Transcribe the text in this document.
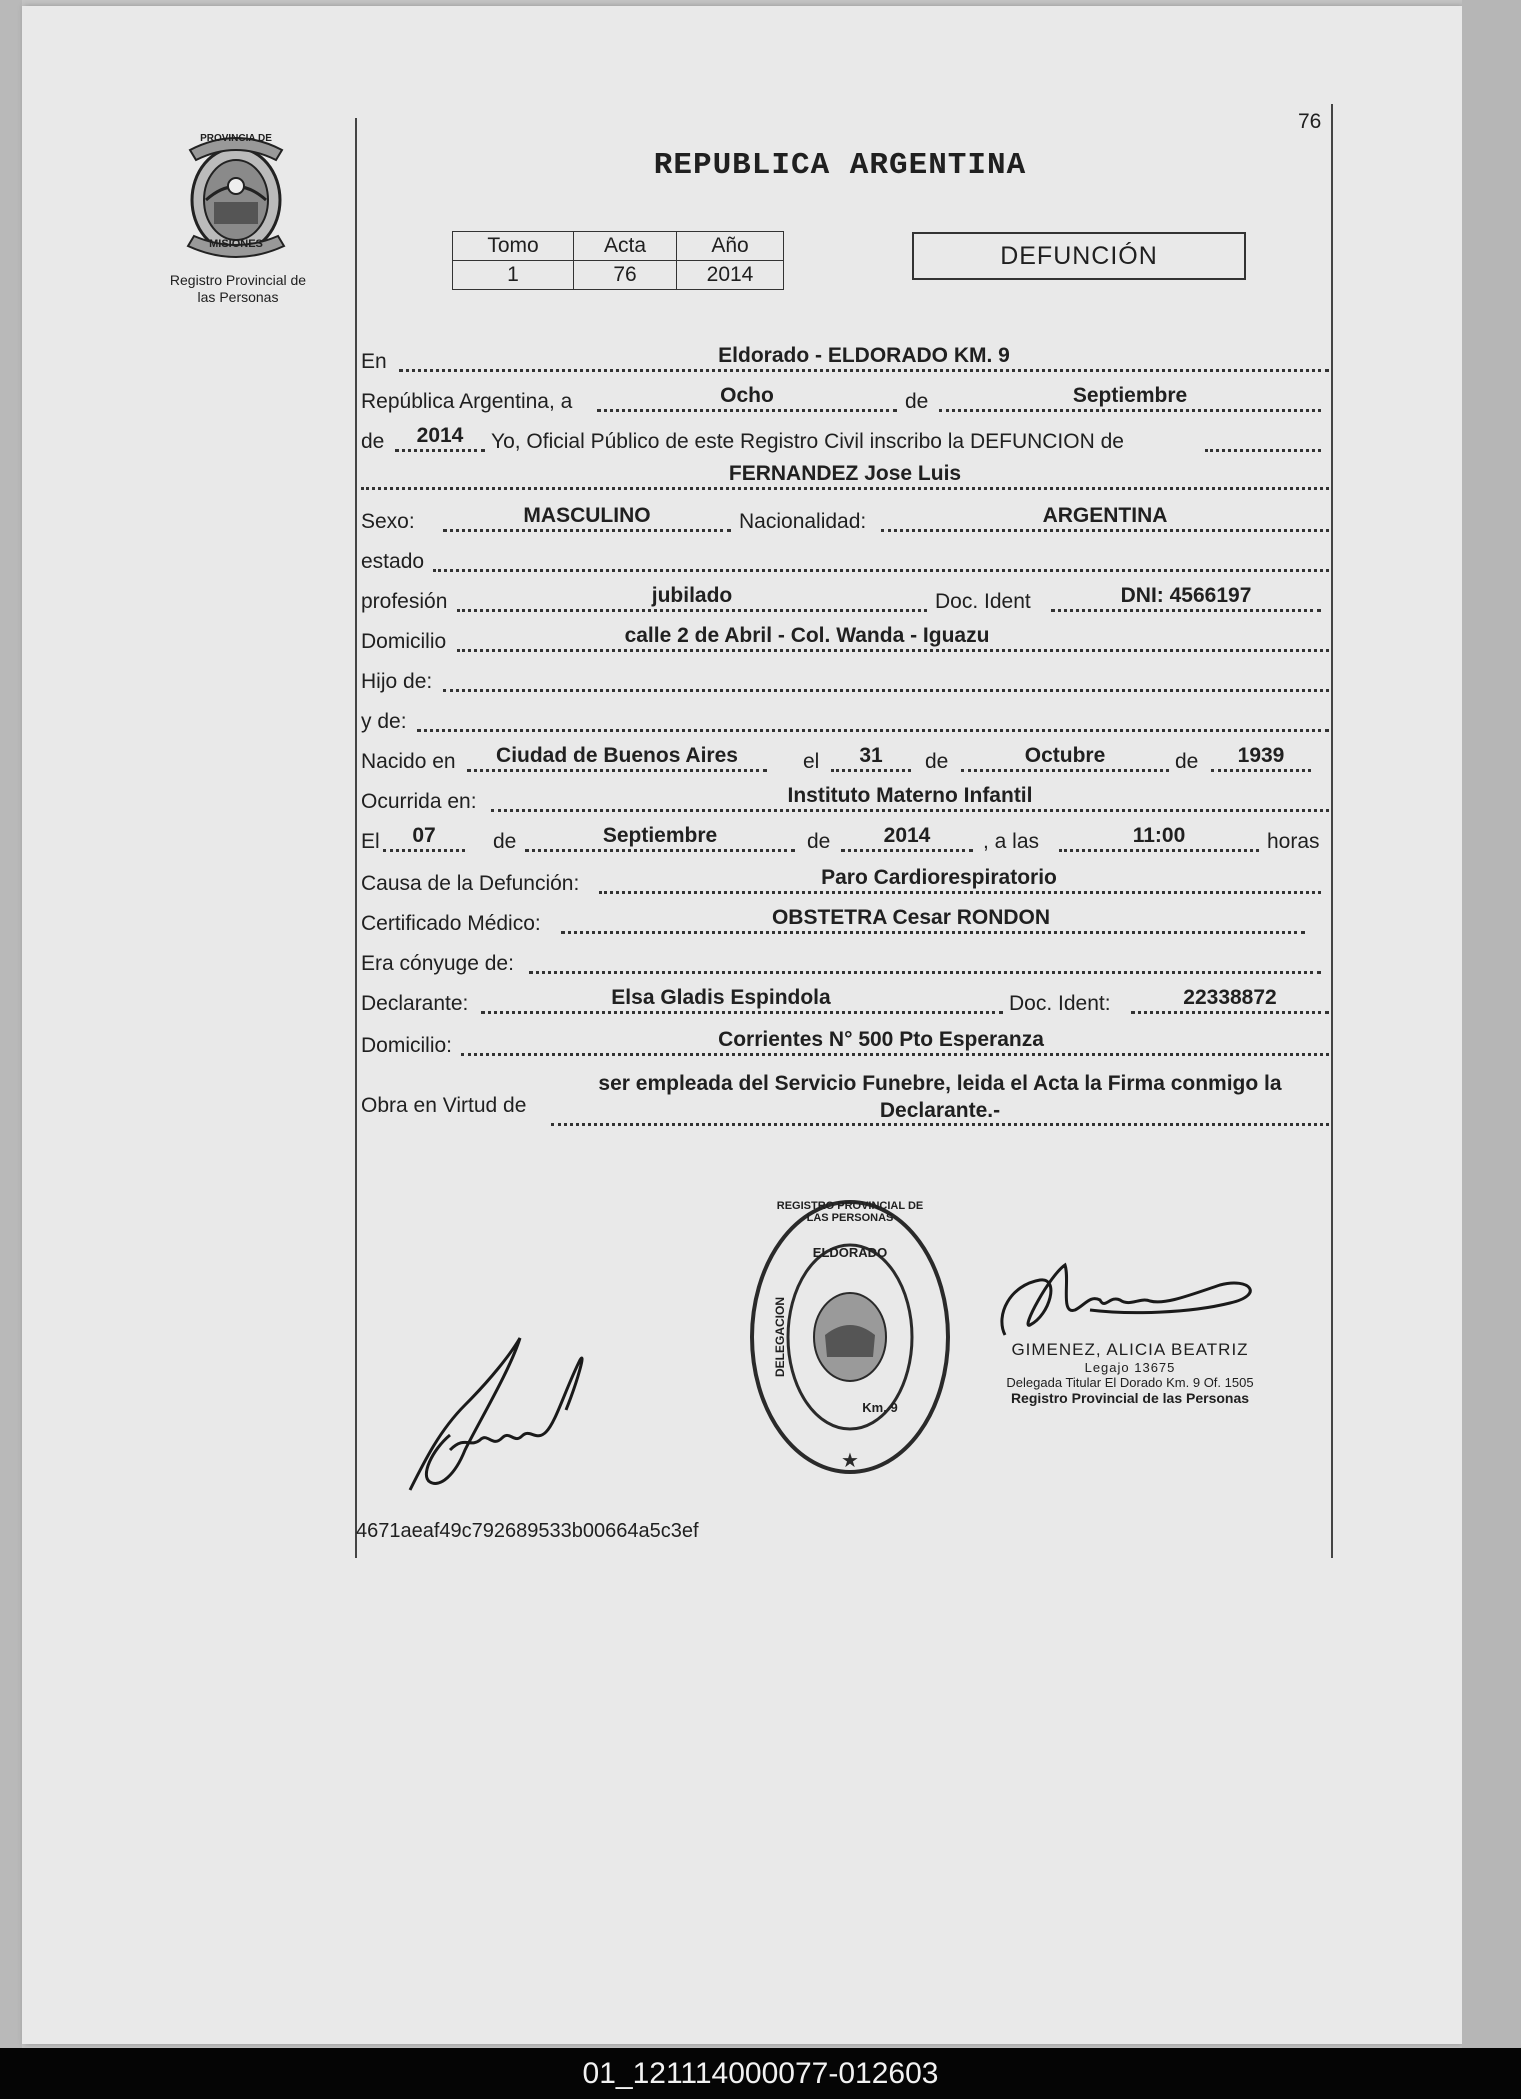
PROVINCIA DE
MISIONES
Registro Provincial de
las Personas
76
REPUBLICA ARGENTINA
Tomo	Acta	Año
1	76	2014
DEFUNCIÓN
En	Eldorado - ELDORADO KM. 9
República Argentina, a	Ocho	de	Septiembre
de	2014	Yo, Oficial Público de este Registro Civil inscribo la DEFUNCION de
FERNANDEZ Jose Luis
Sexo:	MASCULINO	Nacionalidad:	ARGENTINA
estado
profesión	jubilado	Doc. Ident	DNI: 4566197
Domicilio	calle 2 de Abril - Col. Wanda - Iguazu
Hijo de:
y de:
Nacido en	Ciudad de Buenos Aires	el	31	de	Octubre	de	1939
Ocurrida en:	Instituto Materno Infantil
El	07	de	Septiembre	de	2014	, a las	11:00	horas
Causa de la Defunción:	Paro Cardiorespiratorio
Certificado Médico:	OBSTETRA Cesar RONDON
Era cónyuge de:
Declarante:	Elsa Gladis Espindola	Doc. Ident:	22338872
Domicilio:	Corrientes N° 500 Pto Esperanza
Obra en Virtud de
ser empleada del Servicio Funebre, leida el Acta la Firma conmigo la
Declarante.-
★
REGISTRO PROVINCIAL DE LAS PERSONAS
DELEGACION
ELDORADO
Km. 9
GIMENEZ, ALICIA BEATRIZ
Legajo 13675
Delegada Titular El Dorado Km. 9 Of. 1505
Registro Provincial de las Personas
4671aeaf49c792689533b00664a5c3ef
01_121114000077-012603
